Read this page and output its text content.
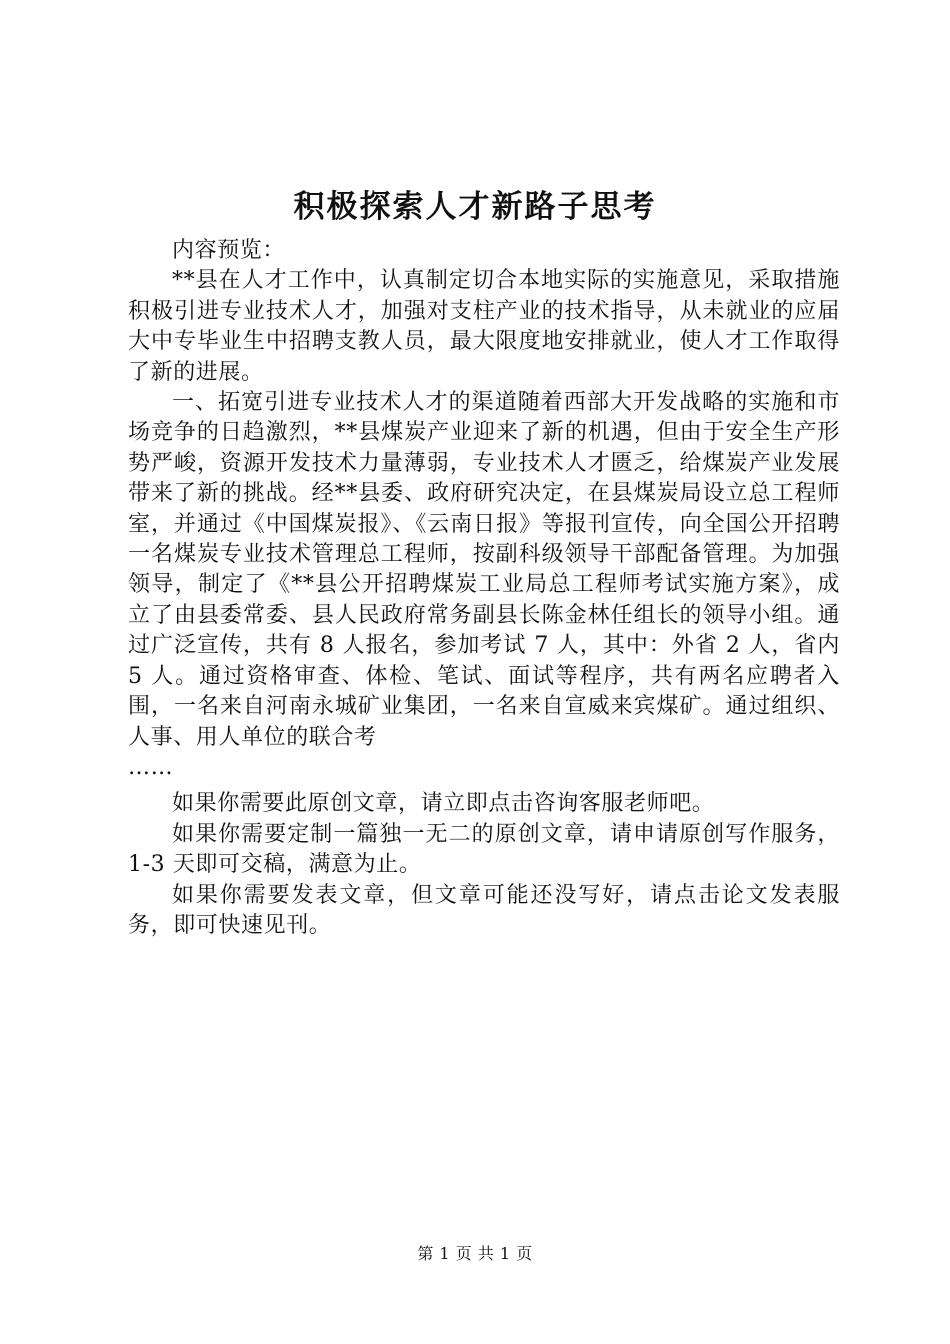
积极探索人才新路子思考

内容预览：

**县在人才工作中，认真制定切合本地实际的实施意见，采取措施积极引进专业技术人才，加强对支柱产业的技术指导，从未就业的应届大中专毕业生中招聘支教人员，最大限度地安排就业，使人才工作取得了新的进展。

一、拓宽引进专业技术人才的渠道随着西部大开发战略的实施和市场竞争的日趋激烈，**县煤炭产业迎来了新的机遇，但由于安全生产形势严峻，资源开发技术力量薄弱，专业技术人才匮乏，给煤炭产业发展带来了新的挑战。经**县委、政府研究决定，在县煤炭局设立总工程师室，并通过《中国煤炭报》、《云南日报》等报刊宣传，向全国公开招聘一名煤炭专业技术管理总工程师，按副科级领导干部配备管理。为加强领导，制定了《**县公开招聘煤炭工业局总工程师考试实施方案》，成立了由县委常委、县人民政府常务副县长陈金林任组长的领导小组。通过广泛宣传，共有 8 人报名，参加考试 7 人，其中：外省 2 人，省内 5 人。通过资格审查、体检、笔试、面试等程序，共有两名应聘者入围，一名来自河南永城矿业集团，一名来自宣威来宾煤矿。通过组织、人事、用人单位的联合考

……

如果你需要此原创文章，请立即点击咨询客服老师吧。

如果你需要定制一篇独一无二的原创文章，请申请原创写作服务，1-3 天即可交稿，满意为止。

如果你需要发表文章，但文章可能还没写好，请点击论文发表服务，即可快速见刊。

第 1 页 共 1 页
